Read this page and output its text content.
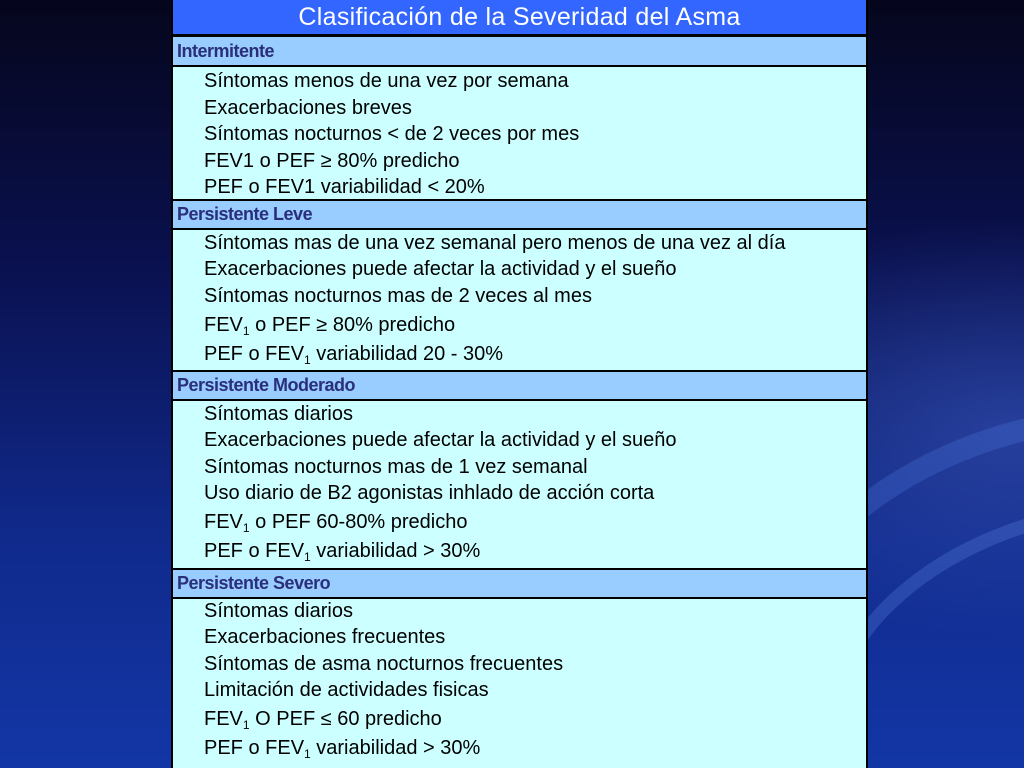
Clasificación de la Severidad del Asma
Intermitente
Síntomas menos de una vez por semana
Exacerbaciones breves
Síntomas nocturnos < de 2 veces por mes
FEV1 o PEF ≥ 80% predicho
PEF o FEV1 variabilidad < 20%
Persistente Leve
Síntomas mas de una vez semanal pero menos de una vez al día
Exacerbaciones puede afectar la actividad y el sueño
Síntomas nocturnos mas de 2 veces al mes
$FEV_1$ o PEF ≥ 80% predicho
PEF o $FEV_1$ variabilidad 20 - 30%
Persistente Moderado
Síntomas diarios
Exacerbaciones puede afectar la actividad y el sueño
Síntomas nocturnos mas de 1 vez semanal
Uso diario de B2 agonistas inhlado de acción corta
$FEV_1$ o PEF 60-80% predicho
PEF o $FEV_1$ variabilidad > 30%
Persistente Severo
Síntomas diarios
Exacerbaciones frecuentes
Síntomas de asma nocturnos frecuentes
Limitación de actividades fisicas
$FEV_1$ O PEF ≤ 60 predicho
PEF o $FEV_1$ variabilidad > 30%
